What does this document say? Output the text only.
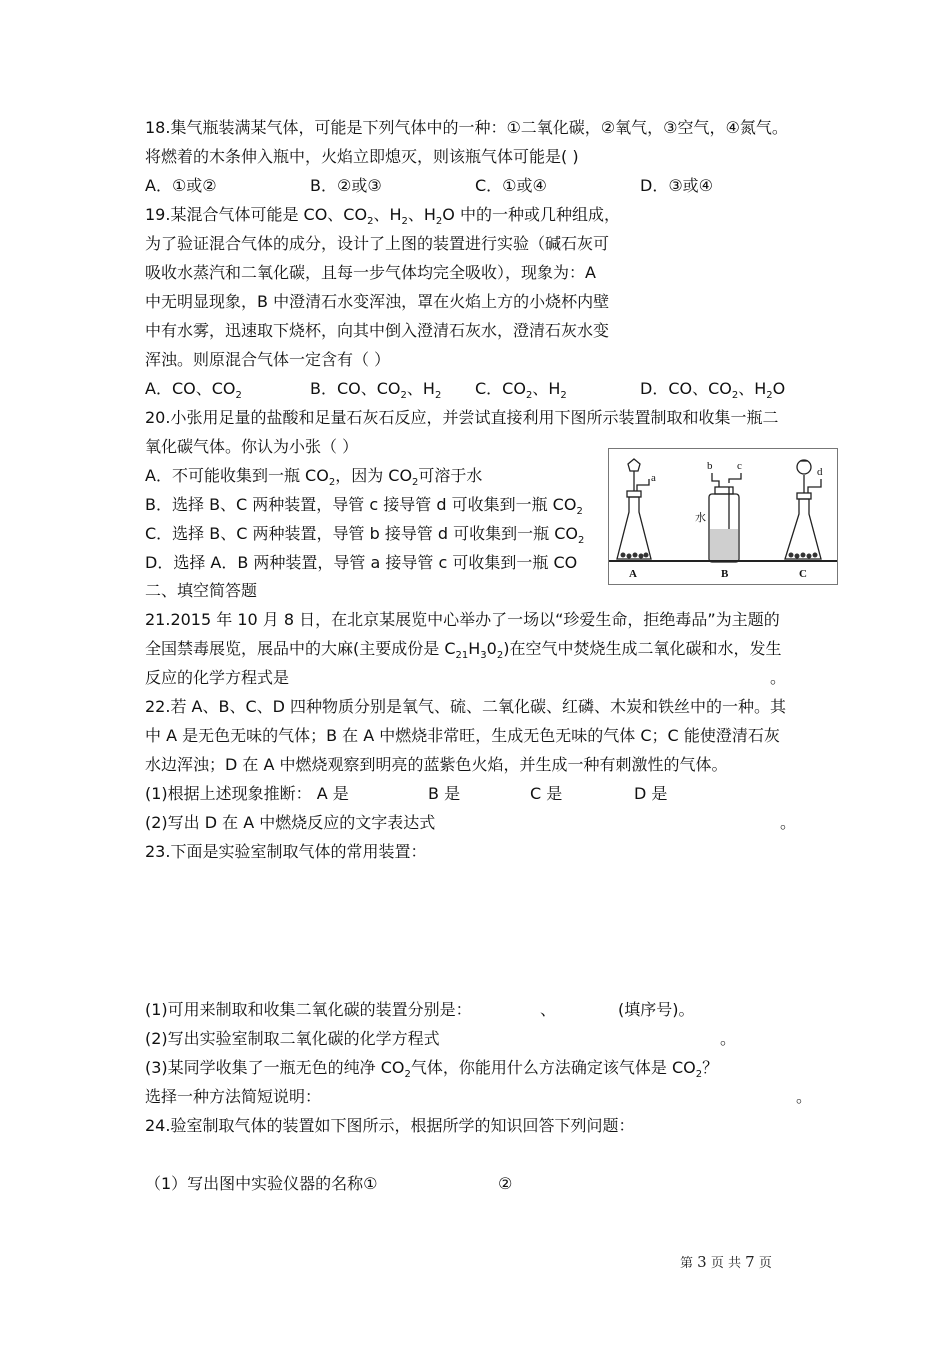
18.集气瓶装满某气体，可能是下列气体中的一种：①二氧化碳，②氧气，③空气，④氮气。
将燃着的木条伸入瓶中，火焰立即熄灭，则该瓶气体可能是( )
A．①或②	B．②或③	C．①或④	D．③或④
19.某混合气体可能是 CO、$CO_2$、$H_2$、$H_2O$ 中的一种或几种组成，
为了验证混合气体的成分，设计了上图的装置进行实验（碱石灰可
吸收水蒸汽和二氧化碳，且每一步气体均完全吸收），现象为：A
中无明显现象，B 中澄清石水变浑浊，罩在火焰上方的小烧杯内壁
中有水雾，迅速取下烧杯，向其中倒入澄清石灰水，澄清石灰水变
浑浊。则原混合气体一定含有（ ）
A．CO、$CO_2$	B．CO、$CO_2$、$H_2$ C．$CO_2$、$H_2$	D．CO、$CO_2$、$H_2O$
20.小张用足量的盐酸和足量石灰石反应，并尝试直接利用下图所示装置制取和收集一瓶二
氧化碳气体。你认为小张（ ）
A．不可能收集到一瓶 $CO_2$，因为 $CO_2$可溶于水
B．选择 B、C 两种装置，导管 c 接导管 d 可收集到一瓶 $CO_2$
C．选择 B、C 两种装置，导管 b 接导管 d 可收集到一瓶 $CO_2$
D．选择 A．B 两种装置，导管 a 接导管 c 可收集到一瓶 CO
a
b c	d
水
A	B	C
二、填空简答题
21.2015 年 10 月 8 日，在北京某展览中心举办了一场以“珍爱生命，拒绝毒品”为主题的
全国禁毒展览，展品中的大麻(主要成份是 $C_{21}H_30_2$)在空气中焚烧生成二氧化碳和水，发生
反应的化学方程式是	。
22.若 A、B、C、D 四种物质分别是氧气、硫、二氧化碳、红磷、木炭和铁丝中的一种。其
中 A 是无色无味的气体；B 在 A 中燃烧非常旺，生成无色无味的气体 C；C 能使澄清石灰
水边浑浊；D 在 A 中燃烧观察到明亮的蓝紫色火焰，并生成一种有刺激性的气体。
(1)根据上述现象推断： A 是	B 是	C 是	D 是
(2)写出 D 在 A 中燃烧反应的文字表达式	。
23.下面是实验室制取气体的常用装置：
(1)可用来制取和收集二氧化碳的装置分别是：	、	(填序号)。
(2)写出实验室制取二氧化碳的化学方程式	。
(3)某同学收集了一瓶无色的纯净 $CO_2$气体，你能用什么方法确定该气体是 $CO_2$？
选择一种方法简短说明：	。
24.验室制取气体的装置如下图所示，根据所学的知识回答下列问题：
（1）写出图中实验仪器的名称①	②
第 3 页 共 7 页
